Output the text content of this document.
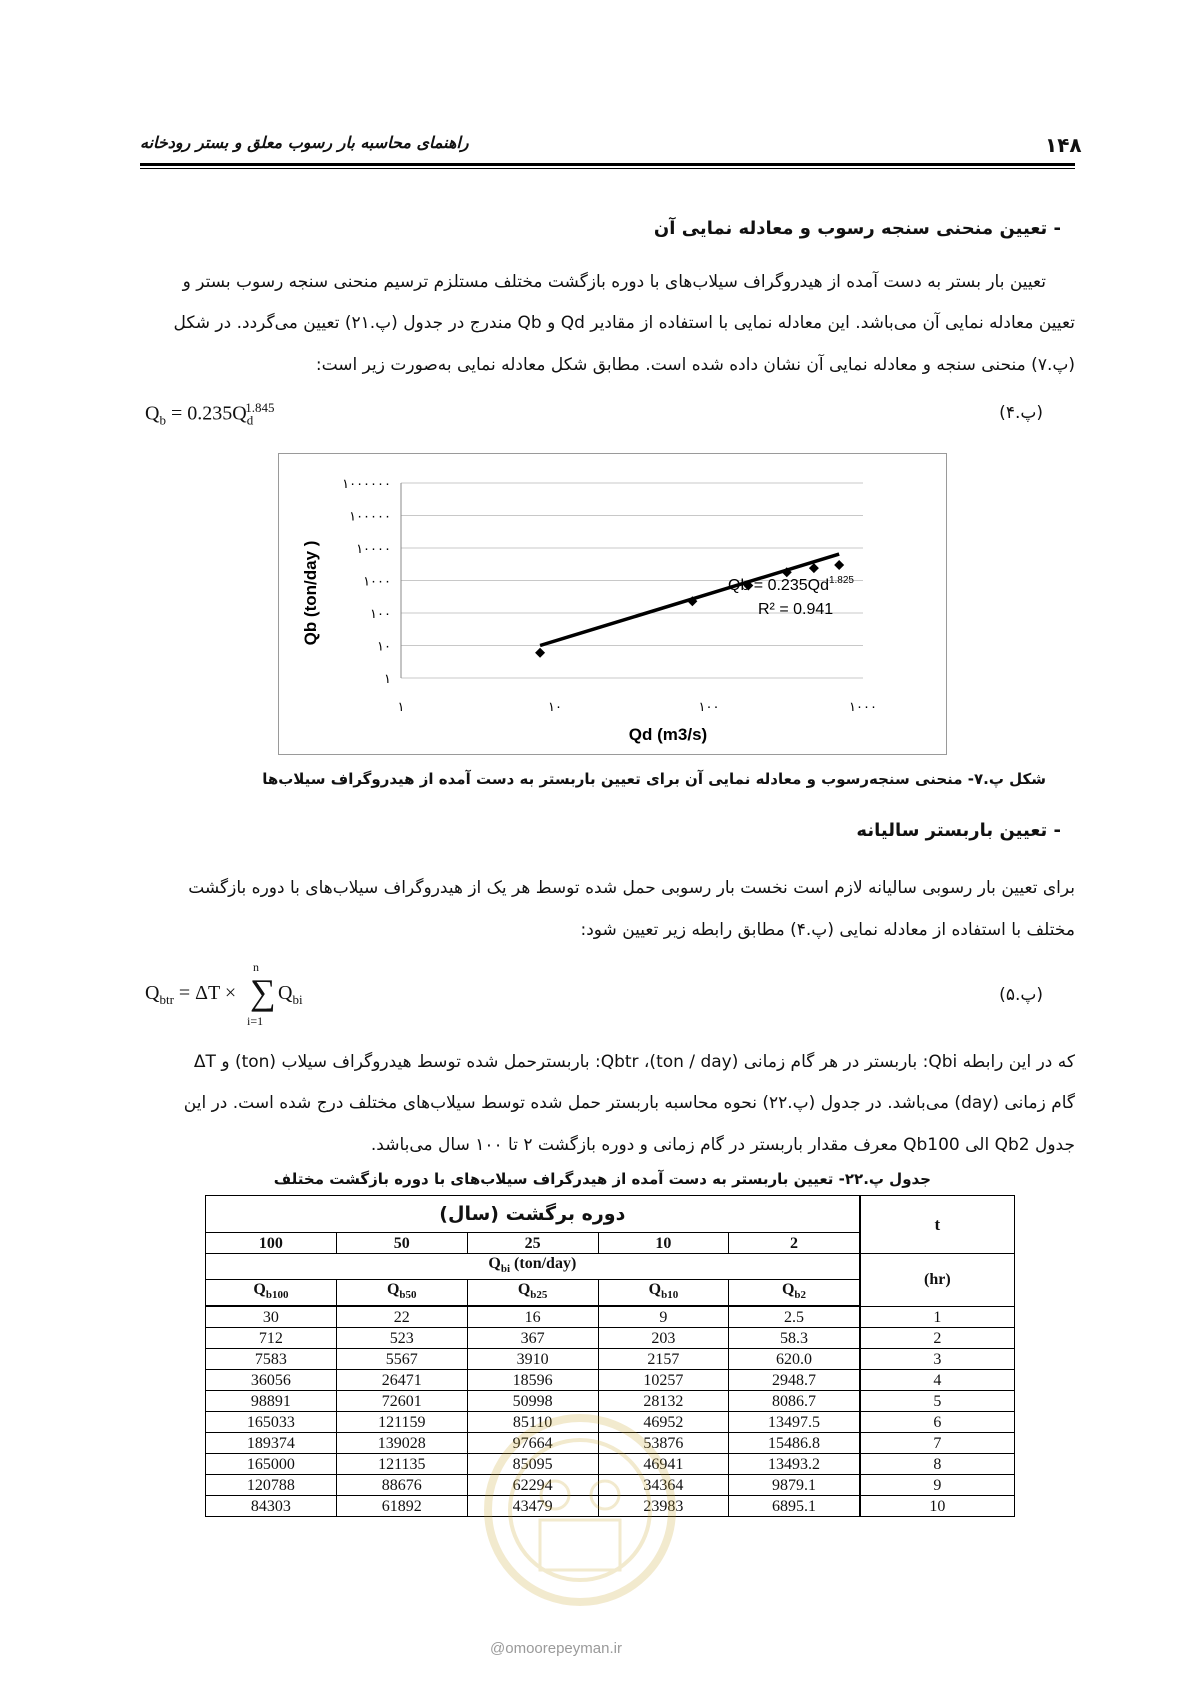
۱۴۸
راهنمای محاسبه بار رسوب معلق و بستر رودخانه
- تعیین منحنی سنجه رسوب و معادله نمایی آن
تعیین بار بستر به دست آمده از هیدروگراف سیلاب‌های با دوره بازگشت مختلف مستلزم ترسیم منحنی سنجه رسوب بستر و
تعیین معادله نمایی آن می‌باشد. این معادله نمایی با استفاده از مقادیر Qd و Qb مندرج در جدول (پ.۲۱) تعیین می‌گردد. در شکل
(پ.۷) منحنی سنجه و معادله نمایی آن نشان داده شده است. مطابق شکل معادله نمایی به‌صورت زیر است:
$Q_b = 0.235Q_d^{1.845}$	(پ.۴)
۱
۱۰
۱۰۰
۱۰۰۰
۱۰۰۰۰
۱۰۰۰۰۰
۱۰۰۰۰۰۰
۱	۱۰	۱۰۰	۱۰۰۰
Qb (ton/day )
Qd (m3/s)
$Qb = 0.235Qd^{1.825}$
R² = 0.941
شکل پ.۷- منحنی سنجه‌رسوب و معادله نمایی آن برای تعیین باربستر به دست آمده از هیدروگراف سیلاب‌ها
- تعیین باربستر سالیانه
برای تعیین بار رسوبی سالیانه لازم است نخست بار رسوبی حمل شده توسط هر یک از هیدروگراف سیلاب‌های با دوره بازگشت
مختلف با استفاده از معادله نمایی (پ.۴) مطابق رابطه زیر تعیین شود:
$Q_{btr} = \Delta T$ ×
n
∑
i=1
$Q_{bi}$	(پ.۵)
که در این رابطه Qbi: باربستر در هر گام زمانی (ton / day)، Qbtr: باربسترحمل شده توسط هیدروگراف سیلاب (ton) و ΔT
گام زمانی (day) می‌باشد. در جدول (پ.۲۲) نحوه محاسبه باربستر حمل شده توسط سیلاب‌های مختلف درج شده است. در این
جدول Qb2 الی Qb100 معرف مقدار باربستر در گام زمانی و دوره بازگشت ۲ تا ۱۰۰ سال می‌باشد.
جدول پ.۲۲- تعیین باربستر به دست آمده از هیدرگراف سیلاب‌های با دوره بازگشت مختلف
دوره برگشت (سال)					t
100	50	25	10	2	
$Q_{bi}$ (ton/day)					(hr)
$Q_{b100}$	$Q_{b50}$	$Q_{b25}$	$Q_{b10}$	$Q_{b2}$
30	22	16	9	2.5	1
712	523	367	203	58.3	2
7583	5567	3910	2157	620.0	3
36056	26471	18596	10257	2948.7	4
98891	72601	50998	28132	8086.7	5
165033	121159	85110	46952	13497.5	6
189374	139028	97664	53876	15486.8	7
165000	121135	85095	46941	13493.2	8
120788	88676	62294	34364	9879.1	9
84303	61892	43479	23983	6895.1	10
@omoorepeyman.ir
